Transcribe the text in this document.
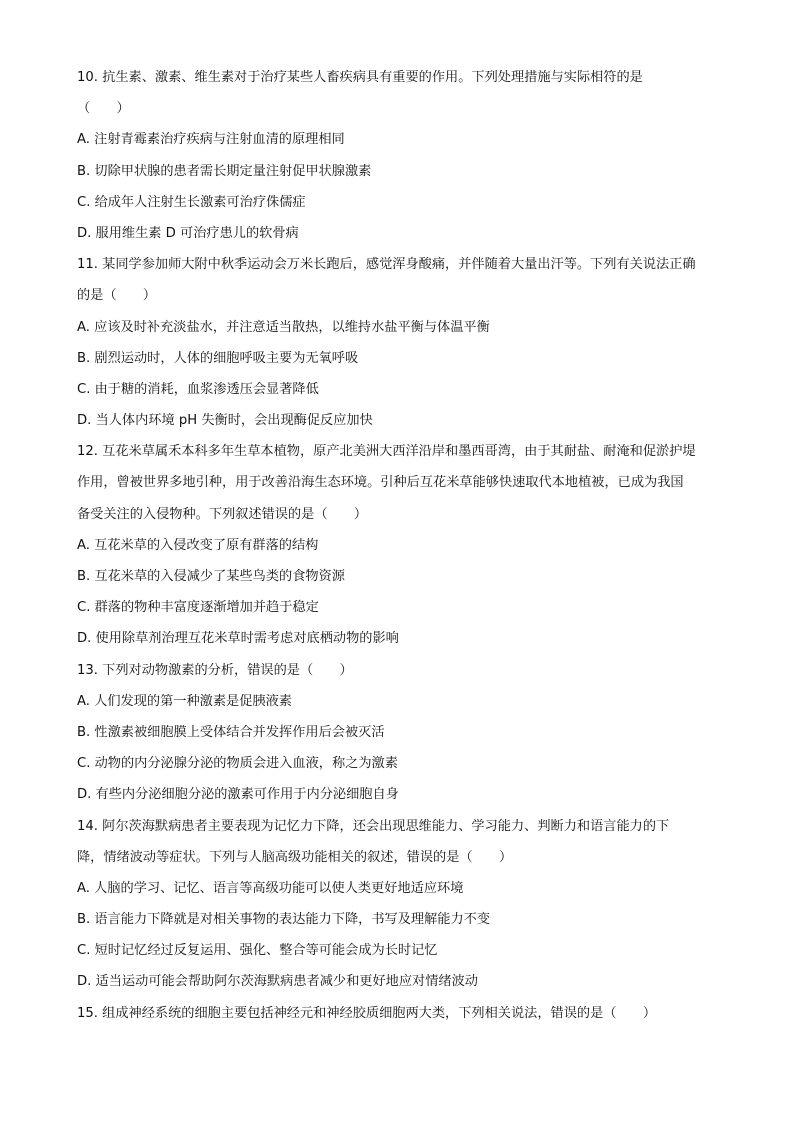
10. 抗生素、激素、维生素对于治疗某些人畜疾病具有重要的作用。下列处理措施与实际相符的是
（　　）
A. 注射青霉素治疗疾病与注射血清的原理相同
B. 切除甲状腺的患者需长期定量注射促甲状腺激素
C. 给成年人注射生长激素可治疗侏儒症
D. 服用维生素 D 可治疗患儿的软骨病
11. 某同学参加师大附中秋季运动会万米长跑后，感觉浑身酸痛，并伴随着大量出汗等。下列有关说法正确
的是（　　）
A. 应该及时补充淡盐水，并注意适当散热，以维持水盐平衡与体温平衡
B. 剧烈运动时，人体的细胞呼吸主要为无氧呼吸
C. 由于糖的消耗，血浆渗透压会显著降低
D. 当人体内环境 pH 失衡时，会出现酶促反应加快
12. 互花米草属禾本科多年生草本植物，原产北美洲大西洋沿岸和墨西哥湾，由于其耐盐、耐淹和促淤护堤
作用，曾被世界多地引种，用于改善沿海生态环境。引种后互花米草能够快速取代本地植被，已成为我国
备受关注的入侵物种。下列叙述错误的是（　　）
A. 互花米草的入侵改变了原有群落的结构
B. 互花米草的入侵减少了某些鸟类的食物资源
C. 群落的物种丰富度逐渐增加并趋于稳定
D. 使用除草剂治理互花米草时需考虑对底栖动物的影响
13. 下列对动物激素的分析，错误的是（　　）
A. 人们发现的第一种激素是促胰液素
B. 性激素被细胞膜上受体结合并发挥作用后会被灭活
C. 动物的内分泌腺分泌的物质会进入血液，称之为激素
D. 有些内分泌细胞分泌的激素可作用于内分泌细胞自身
14. 阿尔茨海默病患者主要表现为记忆力下降，还会出现思维能力、学习能力、判断力和语言能力的下
降，情绪波动等症状。下列与人脑高级功能相关的叙述，错误的是（　　）
A. 人脑的学习、记忆、语言等高级功能可以使人类更好地适应环境
B. 语言能力下降就是对相关事物的表达能力下降，书写及理解能力不变
C. 短时记忆经过反复运用、强化、整合等可能会成为长时记忆
D. 适当运动可能会帮助阿尔茨海默病患者减少和更好地应对情绪波动
15. 组成神经系统的细胞主要包括神经元和神经胶质细胞两大类，下列相关说法，错误的是（　　）
